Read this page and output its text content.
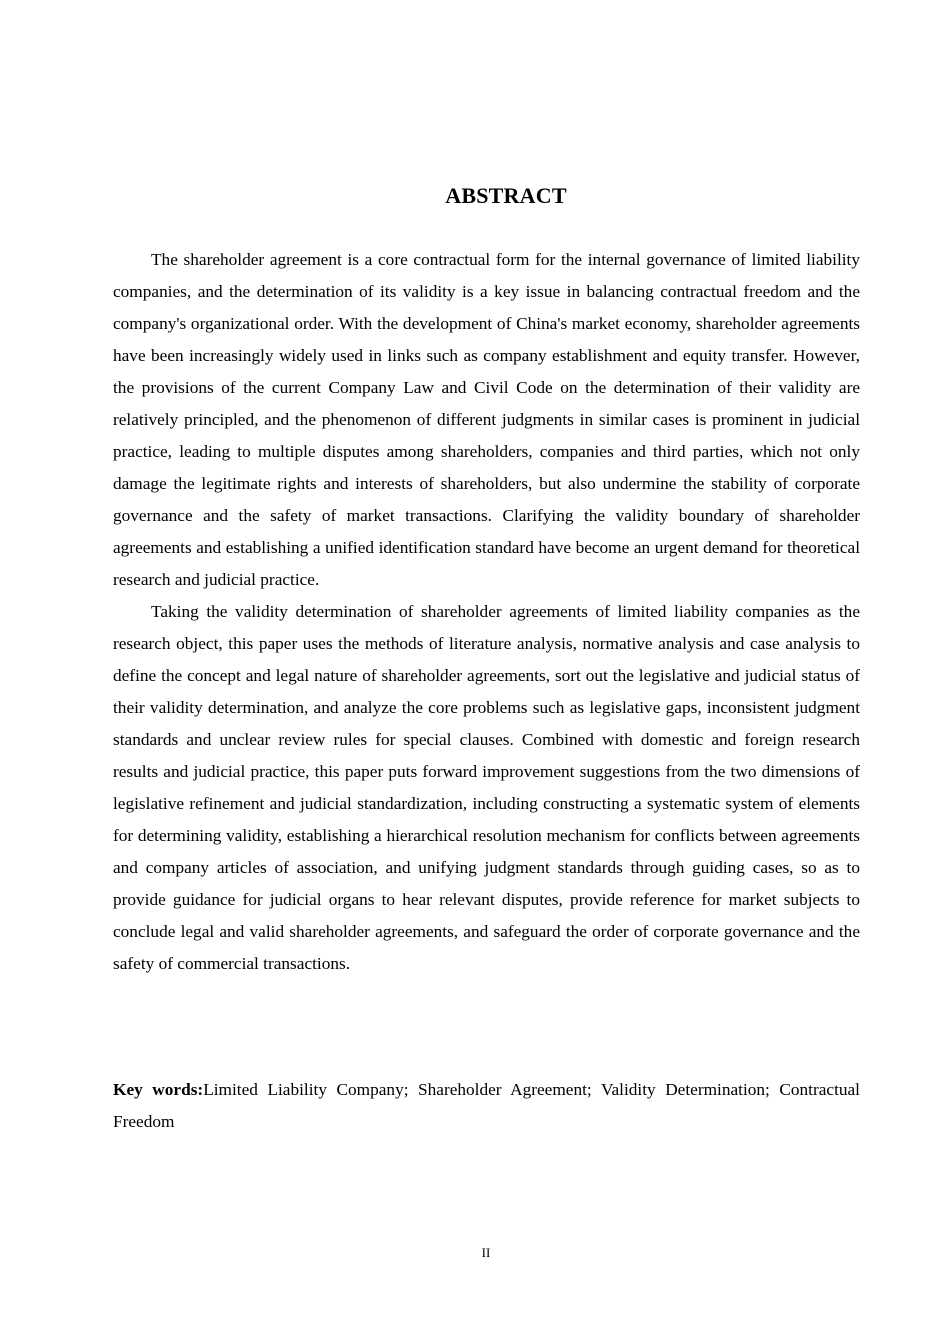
ABSTRACT

The shareholder agreement is a core contractual form for the internal governance of limited liability companies, and the determination of its validity is a key issue in balancing contractual freedom and the company's organizational order. With the development of China's market economy, shareholder agreements have been increasingly widely used in links such as company establishment and equity transfer. However, the provisions of the current Company Law and Civil Code on the determination of their validity are relatively principled, and the phenomenon of different judgments in similar cases is prominent in judicial practice, leading to multiple disputes among shareholders, companies and third parties, which not only damage the legitimate rights and interests of shareholders, but also undermine the stability of corporate governance and the safety of market transactions. Clarifying the validity boundary of shareholder agreements and establishing a unified identification standard have become an urgent demand for theoretical research and judicial practice.

Taking the validity determination of shareholder agreements of limited liability companies as the research object, this paper uses the methods of literature analysis, normative analysis and case analysis to define the concept and legal nature of shareholder agreements, sort out the legislative and judicial status of their validity determination, and analyze the core problems such as legislative gaps, inconsistent judgment standards and unclear review rules for special clauses. Combined with domestic and foreign research results and judicial practice, this paper puts forward improvement suggestions from the two dimensions of legislative refinement and judicial standardization, including constructing a systematic system of elements for determining validity, establishing a hierarchical resolution mechanism for conflicts between agreements and company articles of association, and unifying judgment standards through guiding cases, so as to provide guidance for judicial organs to hear relevant disputes, provide reference for market subjects to conclude legal and valid shareholder agreements, and safeguard the order of corporate governance and the safety of commercial transactions.

Key words:Limited Liability Company; Shareholder Agreement; Validity Determination; Contractual Freedom

II
